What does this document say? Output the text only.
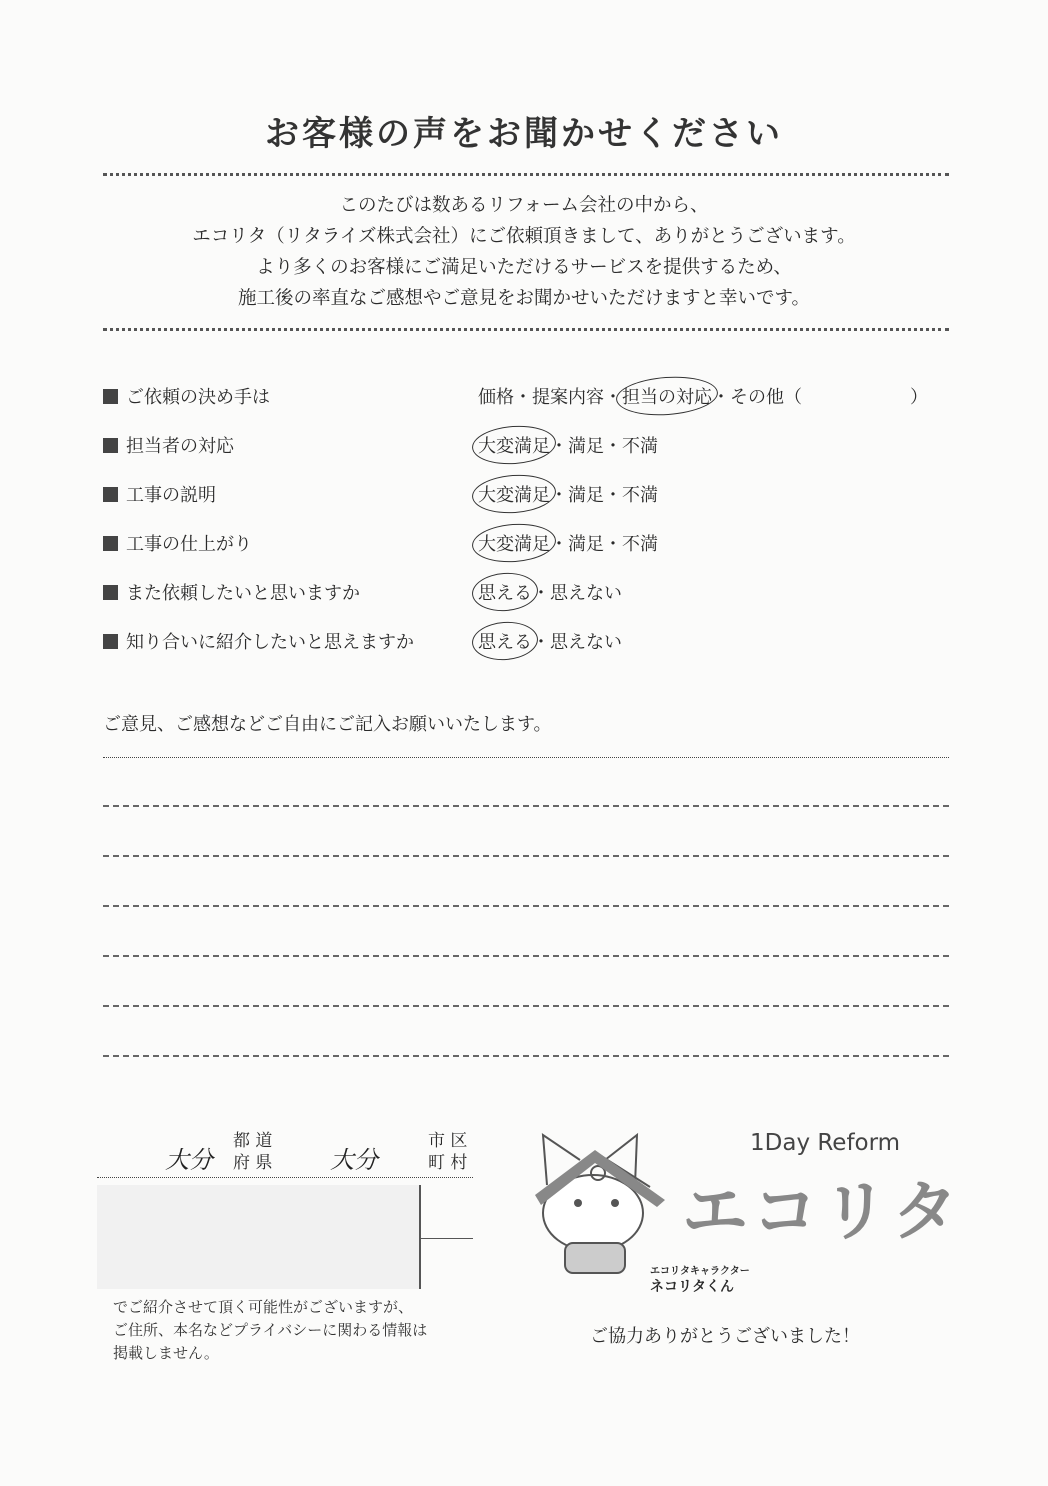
お客様の声をお聞かせください
このたびは数あるリフォーム会社の中から、
エコリタ（リタライズ株式会社）にご依頼頂きまして、ありがとうございます。
より多くのお客様にご満足いただけるサービスを提供するため、
施工後の率直なご感想やご意見をお聞かせいただけますと幸いです。
ご依頼の決め手は	価格・提案内容・担当の対応・その他（　　　　　　）
担当者の対応	大変満足・満足・不満
工事の説明	大変満足・満足・不満
工事の仕上がり	大変満足・満足・不満
また依頼したいと思いますか	思える・思えない
知り合いに紹介したいと思えますか	思える・思えない
ご意見、ご感想などご自由にご記入お願いいたします。
大分
都 道
府 県 大分
市 区
町 村
でご紹介させて頂く可能性がございますが、
ご住所、本名などプライバシーに関わる情報は
掲載しません。
1Day Reform
エコリタ
エコリタキャラクター
ネコリタくん
ご協力ありがとうございました！
